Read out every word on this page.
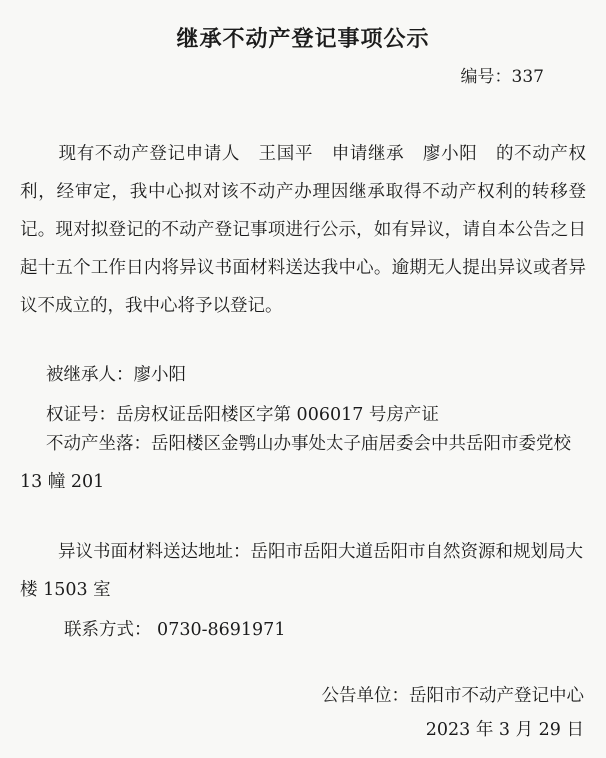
继承不动产登记事项公示
编号：337
现有不动产登记申请人 王国平 申请继承 廖小阳 的不动产权利，经审定，我中心拟对该不动产办理因继承取得不动产权利的转移登记。现对拟登记的不动产登记事项进行公示，如有异议，请自本公告之日起十五个工作日内将异议书面材料送达我中心。逾期无人提出异议或者异议不成立的，我中心将予以登记。
被继承人：廖小阳
权证号：岳房权证岳阳楼区字第 006017 号房产证
不动产坐落：岳阳楼区金鹗山办事处太子庙居委会中共岳阳市委党校 13 幢 201
异议书面材料送达地址：岳阳市岳阳大道岳阳市自然资源和规划局大楼 1503 室
联系方式： 0730-8691971
公告单位：岳阳市不动产登记中心
2023 年 3 月 29 日
